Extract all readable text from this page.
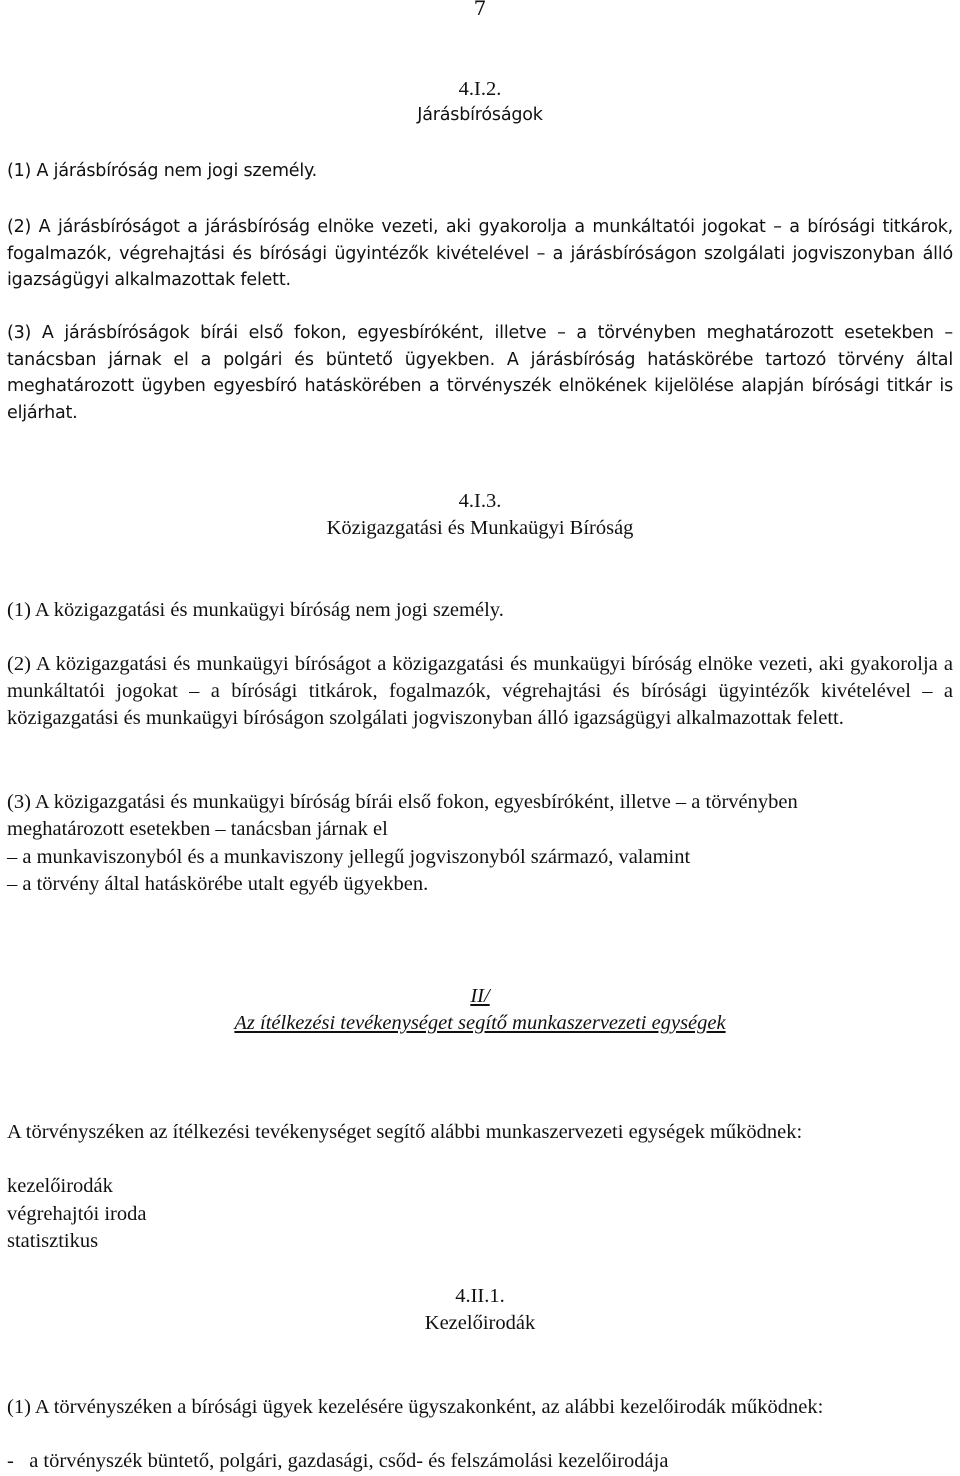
7
4.I.2.
Járásbíróságok
(1) A járásbíróság nem jogi személy.

(2) A járásbíróságot a járásbíróság elnöke vezeti, aki gyakorolja a munkáltatói jogokat – a bírósági titkárok, fogalmazók, végrehajtási és bírósági ügyintézők kivételével – a járásbíróságon szolgálati jogviszonyban álló igazságügyi alkalmazottak felett.

(3) A járásbíróságok bírái első fokon, egyesbíróként, illetve – a törvényben meghatározott esetekben – tanácsban járnak el a polgári és büntető ügyekben. A járásbíróság hatáskörébe tartozó törvény által meghatározott ügyben egyesbíró hatáskörében a törvényszék elnökének kijelölése alapján bírósági titkár is eljárhat.

4.I.3.
Közigazgatási és Munkaügyi Bíróság
(1) A közigazgatási és munkaügyi bíróság nem jogi személy.

(2) A közigazgatási és munkaügyi bíróságot a közigazgatási és munkaügyi bíróság elnöke vezeti, aki gyakorolja a munkáltatói jogokat – a bírósági titkárok, fogalmazók, végrehajtási és bírósági ügyintézők kivételével – a közigazgatási és munkaügyi bíróságon szolgálati jogviszonyban álló igazságügyi alkalmazottak felett.

(3) A közigazgatási és munkaügyi bíróság bírái első fokon, egyesbíróként, illetve – a törvényben
meghatározott esetekben – tanácsban járnak el
– a munkaviszonyból és a munkaviszony jellegű jogviszonyból származó, valamint
– a törvény által hatáskörébe utalt egyéb ügyekben.
II/
Az ítélkezési tevékenységet segítő munkaszervezeti egységek

A törvényszéken az ítélkezési tevékenységet segítő alábbi munkaszervezeti egységek működnek:

kezelőirodák
végrehajtói iroda
statisztikus
4.II.1.
Kezelőirodák

(1) A törvényszéken a bírósági ügyek kezelésére ügyszakonként, az alábbi kezelőirodák működnek:

-   a törvényszék büntető, polgári, gazdasági, csőd- és felszámolási kezelőirodája
